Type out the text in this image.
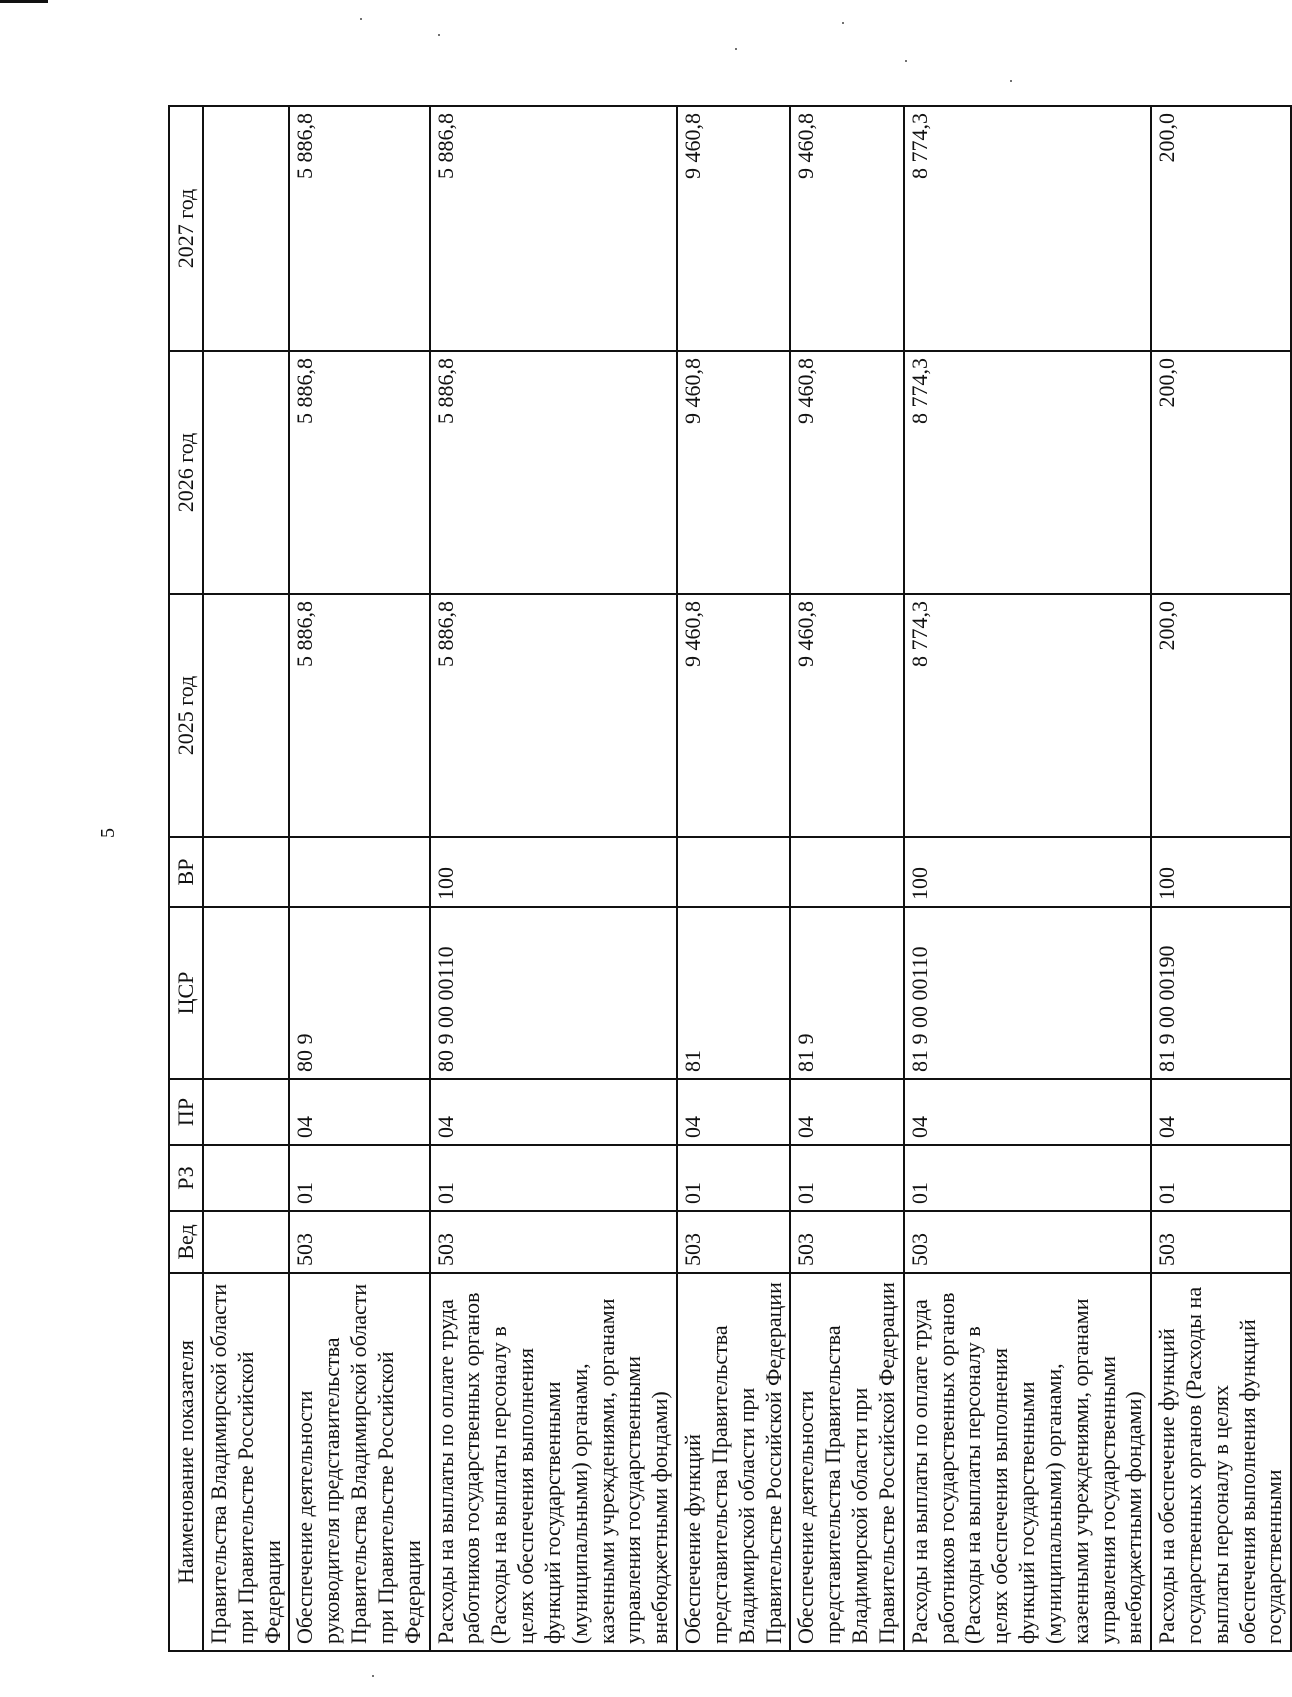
5
Наименование показателя	Вед	РЗ	ПР	ЦСР	ВР	2025 год	2026 год	2027 год
Правительства Владимирской области при Правительстве Российской Федерации								
Обеспечение деятельности руководителя представительства Правительства Владимирской области при Правительстве Российской Федерации	503	01	04	80 9		5 886,8	5 886,8	5 886,8
Расходы на выплаты по оплате труда работников государственных органов (Расходы на выплаты персоналу в целях обеспечения выполнения функций государственными (муниципальными) органами, казенными учреждениями, органами управления государственными внебюджетными фондами)	503	01	04	80 9 00 00110	100	5 886,8	5 886,8	5 886,8
Обеспечение функций представительства Правительства Владимирской области при Правительстве Российской Федерации	503	01	04	81		9 460,8	9 460,8	9 460,8
Обеспечение деятельности представительства Правительства Владимирской области при Правительстве Российской Федерации	503	01	04	81 9		9 460,8	9 460,8	9 460,8
Расходы на выплаты по оплате труда работников государственных органов (Расходы на выплаты персоналу в целях обеспечения выполнения функций государственными (муниципальными) органами, казенными учреждениями, органами управления государственными внебюджетными фондами)	503	01	04	81 9 00 00110	100	8 774,3	8 774,3	8 774,3
Расходы на обеспечение функций государственных органов (Расходы на выплаты персоналу в целях обеспечения выполнения функций государственными	503	01	04	81 9 00 00190	100	200,0	200,0	200,0
